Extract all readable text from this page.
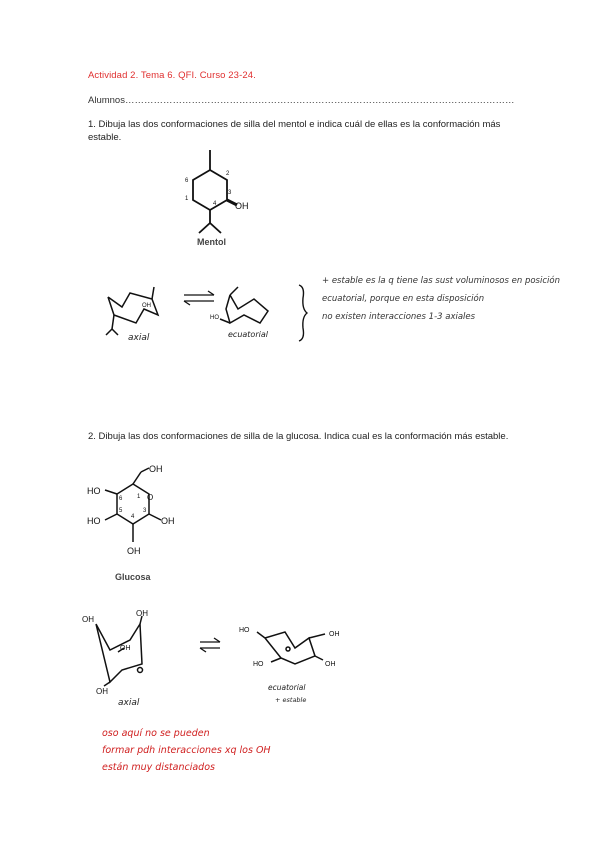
Actividad 2. Tema 6. QFI. Curso 23-24.
Alumnos……………………………………………………………………………………………………………
1. Dibuja las dos conformaciones de silla del mentol e indica cuál de ellas es la conformación más estable.
OH
2
3
4
6
1
Mentol
OH
axial
HO
ecuatorial
+ estable es la q tiene las sust voluminosos en posición
ecuatorial, porque en esta disposición
no existen interacciones 1-3 axiales
2. Dibuja las dos conformaciones de silla de la glucosa. Indica cual es la conformación más estable.
OH
HO
HO	OH
OH
O
6 1
5	3
4
Glucosa
OH
OH
OH
OH
axial
HO
OH
HO	OH
ecuatorial
+ estable
oso aquí no se pueden
formar pdh interacciones xq los OH
están muy distanciados
